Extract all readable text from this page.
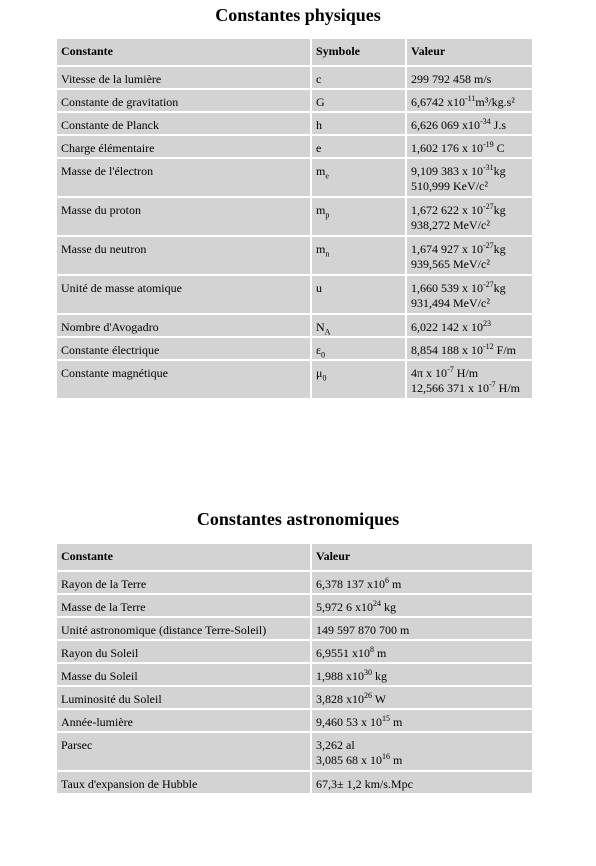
Constantes physiques
Constante	Symbole	Valeur
Vitesse de la lumière	c	299 792 458 m/s
Constante de gravitation	G	6,6742 $x10^{-11}m^3/kg.s^2$
Constante de Planck	h	6,626 069 $x10^{-34}$ J.s
Charge élémentaire	e	1,602 176 x $10^{-19}$ C
Masse de l'électron	$m_e$	9,109 383 x $10^{-31}kg$
510,999 KeV/c²
Masse du proton	$m_p$	1,672 622 x $10^{-27}kg$
938,272 MeV/c²
Masse du neutron	$m_n$	1,674 927 x $10^{-27}kg$
939,565 MeV/c²
Unité de masse atomique	u	1,660 539 x $10^{-27}kg$
931,494 MeV/c²
Nombre d'Avogadro	$N_A$	6,022 142 x $10^{23}$
Constante électrique	$\varepsilon_0$	8,854 188 x $10^{-12}$ F/m
Constante magnétique	$\mu_0$	4π x $10^{-7}$ H/m
12,566 371 x $10^{-7}$ H/m
Constantes astronomiques
Constante	Valeur
Rayon de la Terre	6,378 137 $x10^6$ m
Masse de la Terre	5,972 6 $x10^{24}$ kg
Unité astronomique (distance Terre-Soleil)	149 597 870 700 m
Rayon du Soleil	6,9551 $x10^8$ m
Masse du Soleil	1,988 $x10^{30}$ kg
Luminosité du Soleil	3,828 $x10^{26}$ W
Année-lumière	9,460 53 x $10^{15}$ m
Parsec	3,262 al
3,085 68 x $10^{16}$ m
Taux d'expansion de Hubble	67,3± 1,2 km/s.Mpc
